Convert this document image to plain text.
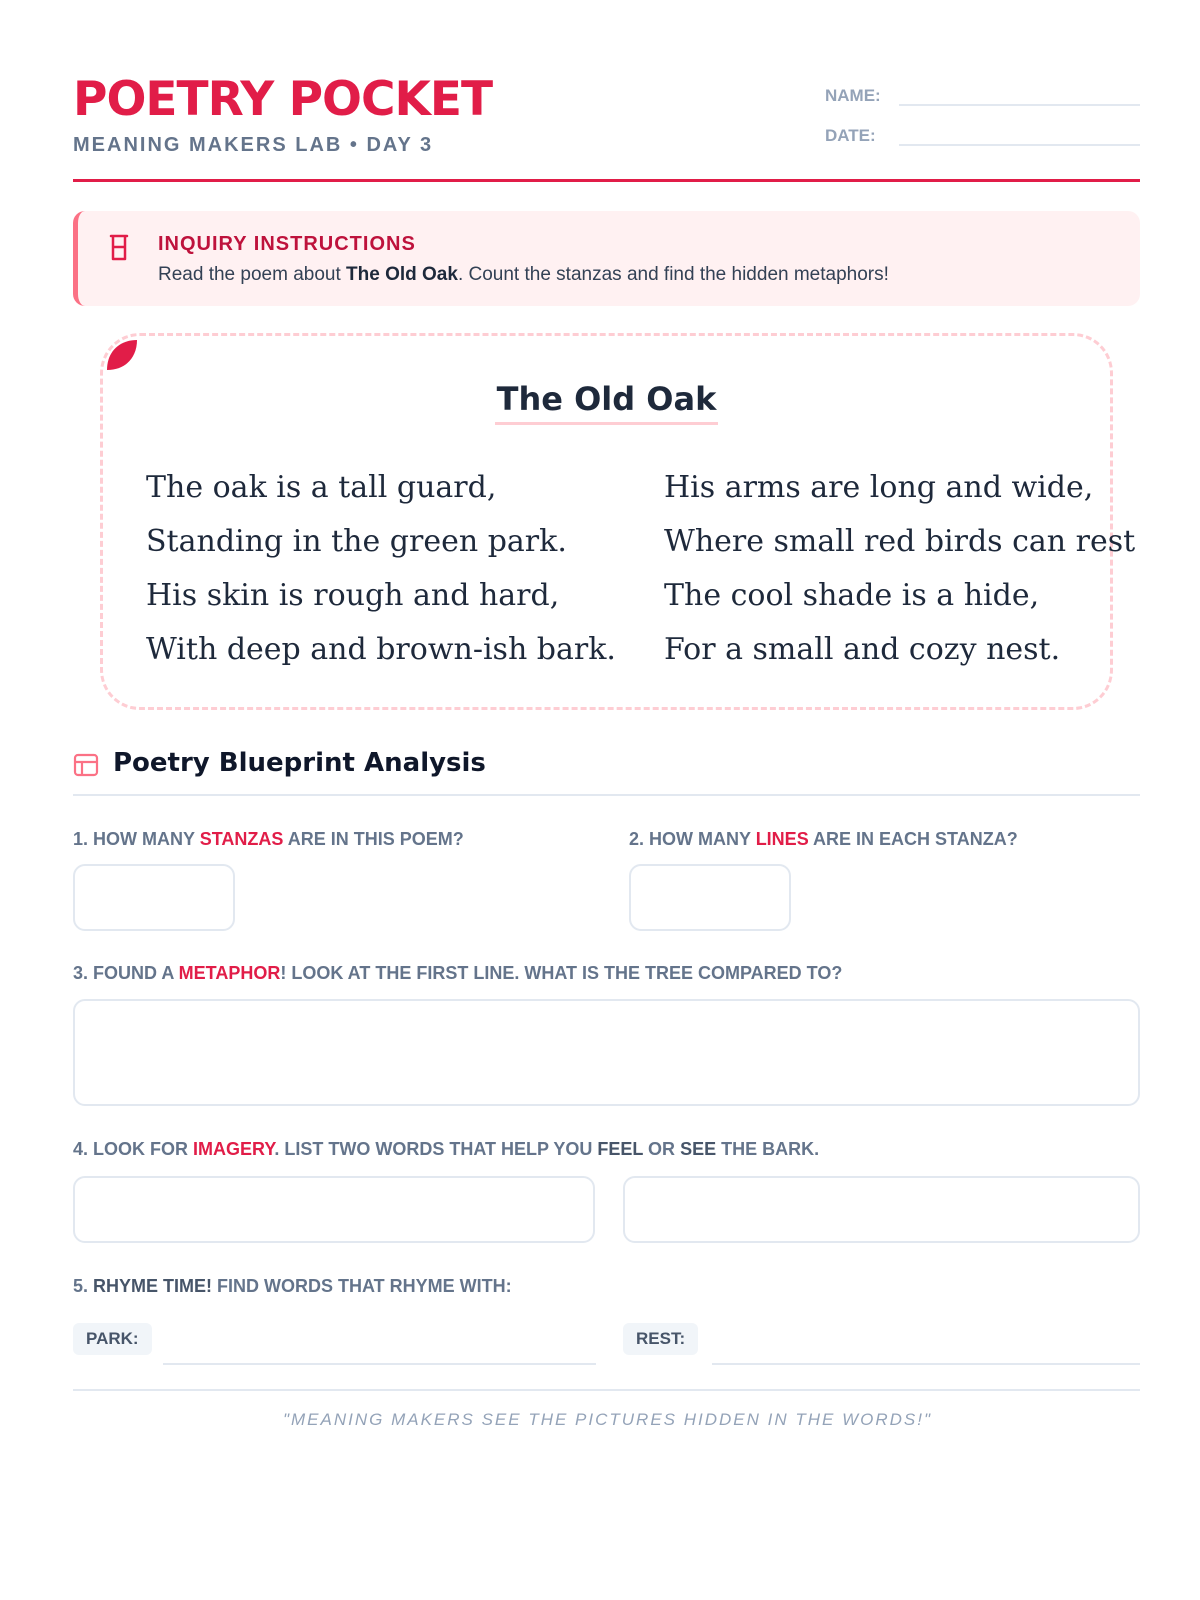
POETRY POCKET
MEANING MAKERS LAB • DAY 3
NAME:
DATE:
INQUIRY INSTRUCTIONS
Read the poem about The Old Oak. Count the stanzas and find the hidden metaphors!
The Old Oak
The oak is a tall guard,
Standing in the green park.
His skin is rough and hard,
With deep and brown-ish bark.
His arms are long and wide,
Where small red birds can rest
The cool shade is a hide,
For a small and cozy nest.
Poetry Blueprint Analysis
1. HOW MANY STANZAS ARE IN THIS POEM?	2. HOW MANY LINES ARE IN EACH STANZA?
3. FOUND A METAPHOR! LOOK AT THE FIRST LINE. WHAT IS THE TREE COMPARED TO?
4. LOOK FOR IMAGERY. LIST TWO WORDS THAT HELP YOU FEEL OR SEE THE BARK.
5. RHYME TIME! FIND WORDS THAT RHYME WITH:
PARK:	REST:
"MEANING MAKERS SEE THE PICTURES HIDDEN IN THE WORDS!"
